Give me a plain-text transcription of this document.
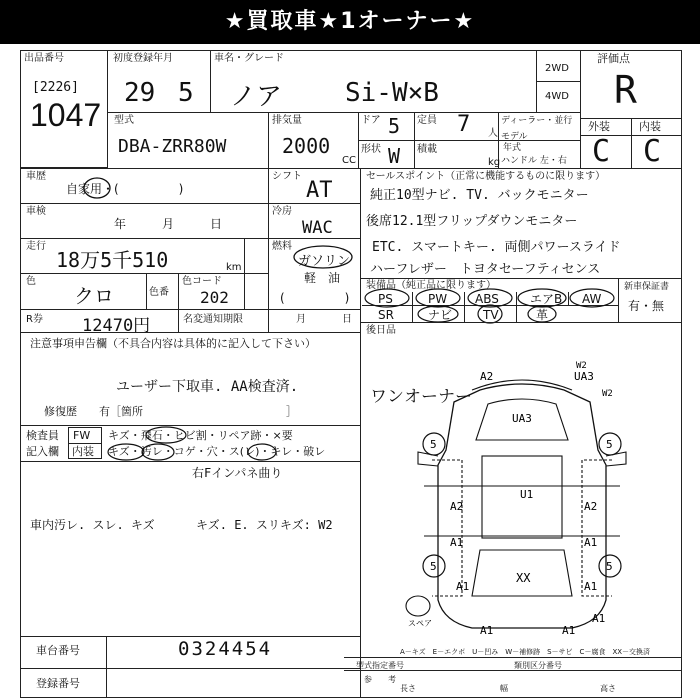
★買取車★1オーナー★
出品番号
[2226]
1047
初度登録年月
29 5
車名・グレード
ノア Si-W×B
2WD
4WD
評価点
R
外装	内装
C C
型式
DBA-ZRR80W
排気量
2000
CC
ドア 5
形状 W
定員 7 人
積載
kg
ディーラー・並行
モデル
年式
ハンドル 左・右
車歴
自家用・(　　　　　)
車検
年　　　月　　　日
走行
18万5千510	km
色
クロ	色番
色コード
202
R券 12470円	名変通知期限	月	日
シフト
AT
冷房
WAC
燃料
ガソリン
軽　油
(　　　　　)
セールスポイント（正常に機能するものに限ります）
純正10型ナビ. TV. バックモニター
後席12.1型フリップダウンモニター
ETC. スマートキー. 両側パワースライド
ハーフレザー　トヨタセーフティセンス
装備品（純正品に限ります）	新車保証書
有・無
PS	PW ABS	エアB AW
SR	ナビ	TV	革
後日品
注意事項申告欄（不具合内容は具体的に記入して下さい）
ユーザー下取車. AA検査済.
修復歴　　有［箇所　　　　　　　　　　　　　］
検査員
記入欄
FW
内装
キズ・飛石・ヒビ割・リペア跡・×要
キズ・汚レ・コゲ・穴・ス(レ)・キレ・破レ
右Fインパネ曲り
車内汚レ. スレ. キズ	キズ. E. スリキズ: W2
ワンオーナー
A2	UA3
W2
W2
UA3
5	5
U1
A2	A2
A1	A1
5	5
A1	A1
XX
A1	A1
A1
スペア
車台番号	0324454
登録番号
A－キズ　E－エクボ　U－凹み　W－補修跡　S－サビ　C－腐食　XX－交換済
型式指定番号	類別区分番号
参　　考
長さ	幅	高さ
